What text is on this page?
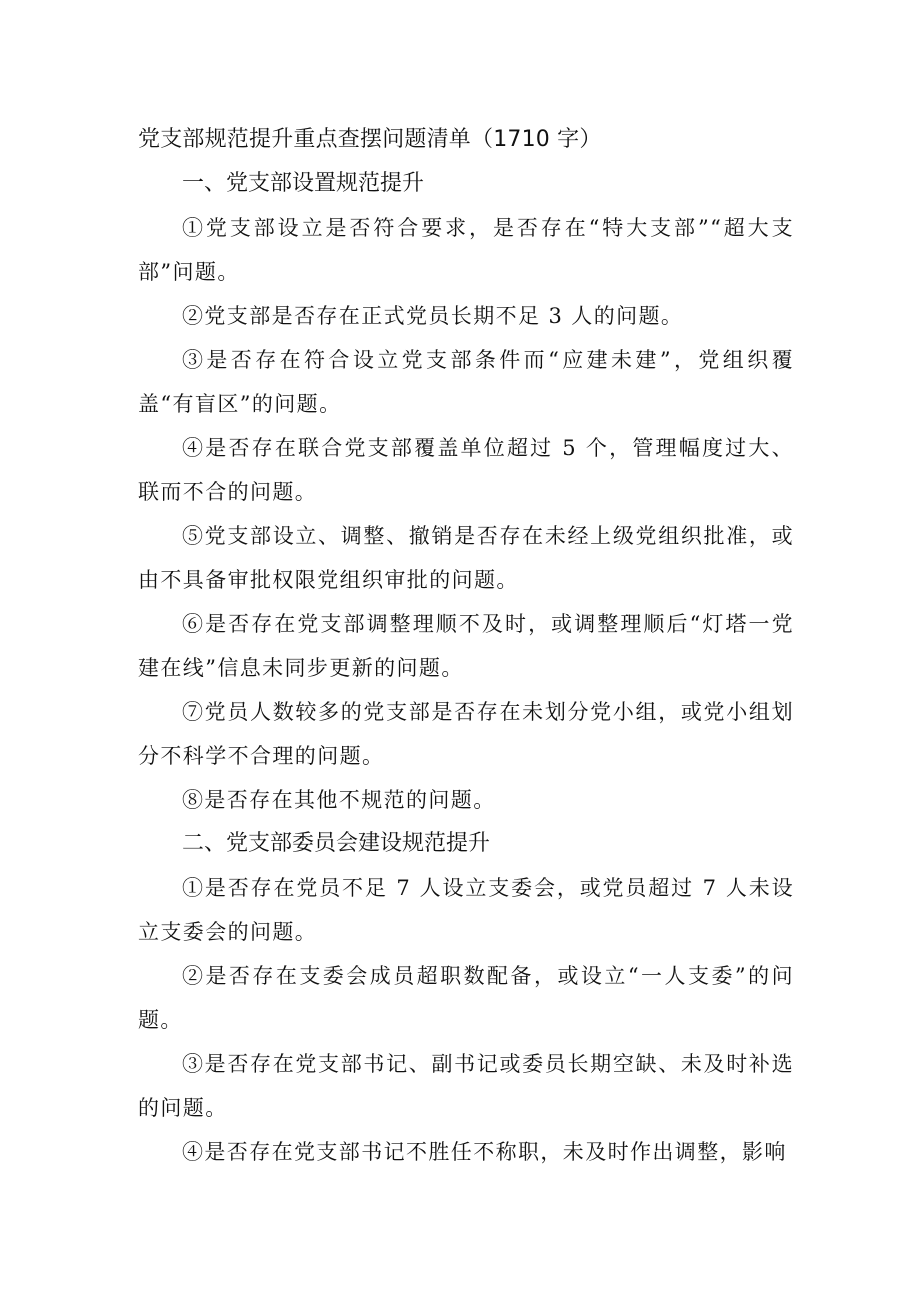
党支部规范提升重点查摆问题清单（1710 字）
一、党支部设置规范提升

①党支部设立是否符合要求，是否存在“特大支部”“超大支部”问题。

②党支部是否存在正式党员长期不足 3 人的问题。

③是否存在符合设立党支部条件而“应建未建”，党组织覆盖“有盲区”的问题。

④是否存在联合党支部覆盖单位超过 5 个，管理幅度过大、联而不合的问题。

⑤党支部设立、调整、撤销是否存在未经上级党组织批准，或由不具备审批权限党组织审批的问题。

⑥是否存在党支部调整理顺不及时，或调整理顺后“灯塔一党建在线”信息未同步更新的问题。

⑦党员人数较多的党支部是否存在未划分党小组，或党小组划分不科学不合理的问题。

⑧是否存在其他不规范的问题。

二、党支部委员会建设规范提升

①是否存在党员不足 7 人设立支委会，或党员超过 7 人未设立支委会的问题。

②是否存在支委会成员超职数配备，或设立“一人支委”的问题。

③是否存在党支部书记、副书记或委员长期空缺、未及时补选的问题。

④是否存在党支部书记不胜任不称职，未及时作出调整，影响
